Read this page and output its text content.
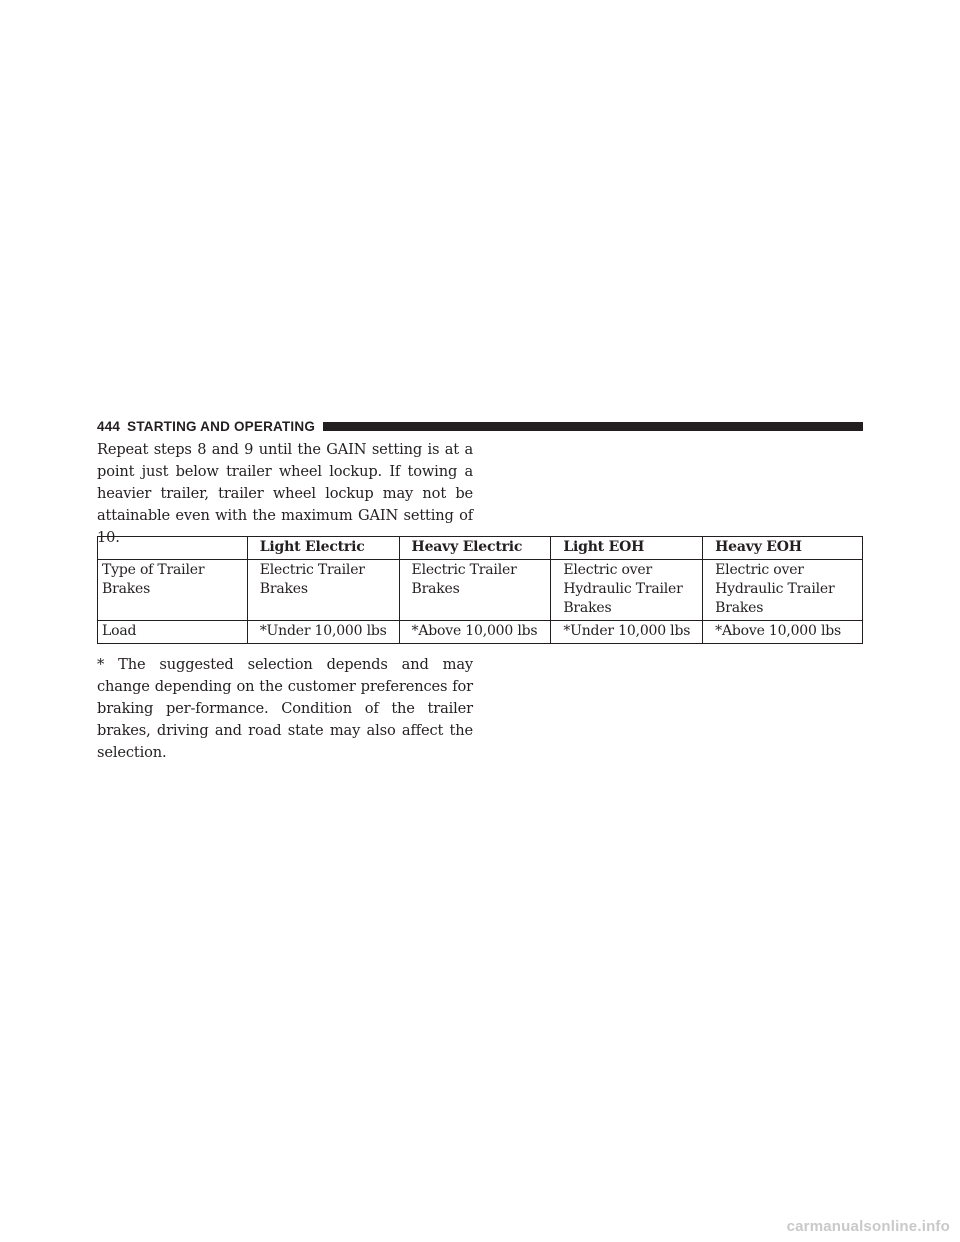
444 STARTING AND OPERATING

Repeat steps 8 and 9 until the GAIN setting is at a point just below trailer wheel lockup. If towing a heavier trailer, trailer wheel lockup may not be attainable even with the maximum GAIN setting of 10.

	Light Electric	Heavy Electric	Light EOH	Heavy EOH
Type of Trailer Brakes	Electric Trailer Brakes	Electric Trailer Brakes	Electric over Hydraulic Trailer Brakes	Electric over Hydraulic Trailer Brakes
Load	*Under 10,000 lbs	*Above 10,000 lbs	*Under 10,000 lbs	*Above 10,000 lbs

* The suggested selection depends and may change depending on the customer preferences for braking per-formance. Condition of the trailer brakes, driving and road state may also affect the selection.

carmanualsonline.info
